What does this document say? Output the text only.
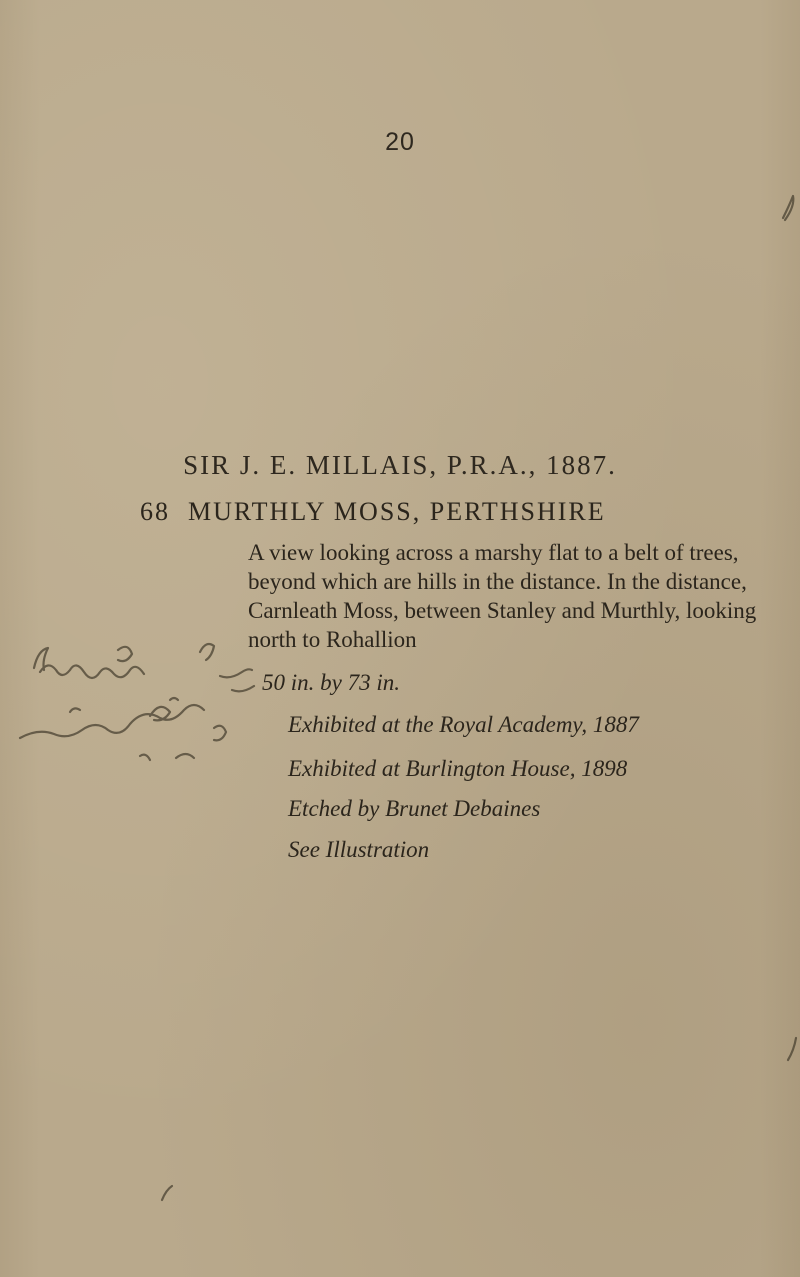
20
SIR J. E. MILLAIS, P.R.A., 1887.
68 MURTHLY MOSS, PERTHSHIRE
A view looking across a marshy flat to a belt of trees,
beyond which are hills in the distance. In the distance,
Carnleath Moss, between Stanley and Murthly, looking
north to Rohallion
50 in. by 73 in.
Exhibited at the Royal Academy, 1887
Exhibited at Burlington House, 1898
Etched by Brunet Debaines
See Illustration
